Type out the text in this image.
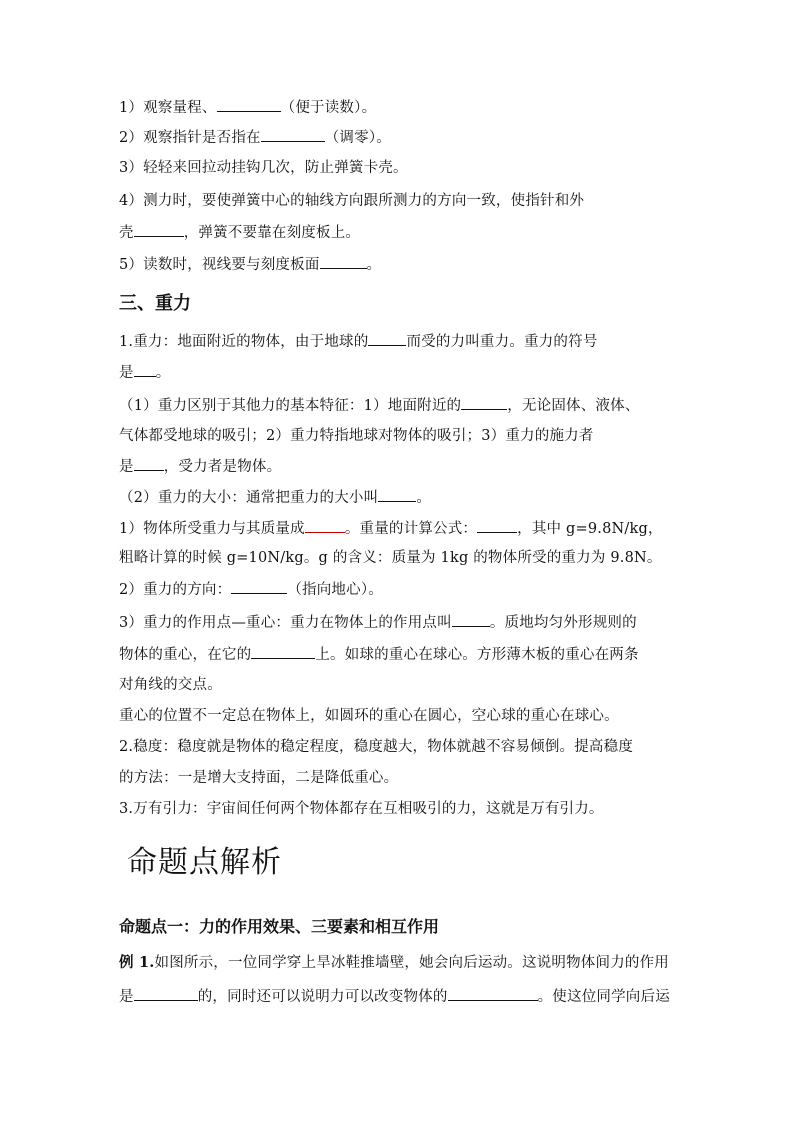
1）观察量程、	（便于读数）。
2）观察指针是否指在	（调零）。
3）轻轻来回拉动挂钩几次，防止弹簧卡壳。
4）测力时，要使弹簧中心的轴线方向跟所测力的方向一致，使指针和外
壳	，弹簧不要靠在刻度板上。
5）读数时，视线要与刻度板面	。
三、重力
1.重力：地面附近的物体，由于地球的	而受的力叫重力。重力的符号
是 。
（1）重力区别于其他力的基本特征：1）地面附近的	，无论固体、液体、
气体都受地球的吸引；2）重力特指地球对物体的吸引；3）重力的施力者
是 ，受力者是物体。
（2）重力的大小：通常把重力的大小叫	。
1）物体所受重力与其质量成	。重量的计算公式：	，其中 g=9.8N/kg，
粗略计算的时候 g=10N/kg。g 的含义：质量为 1kg 的物体所受的重力为 9.8N。
2）重力的方向：	（指向地心）。
3）重力的作用点—重心：重力在物体上的作用点叫	。质地均匀外形规则的
物体的重心，在它的	上。如球的重心在球心。方形薄木板的重心在两条
对角线的交点。
重心的位置不一定总在物体上，如圆环的重心在圆心，空心球的重心在球心。
2.稳度：稳度就是物体的稳定程度，稳度越大，物体就越不容易倾倒。提高稳度
的方法：一是增大支持面，二是降低重心。
3.万有引力：宇宙间任何两个物体都存在互相吸引的力，这就是万有引力。
命题点解析
命题点一：力的作用效果、三要素和相互作用
例 1.如图所示，一位同学穿上旱冰鞋推墙壁，她会向后运动。这说明物体间力的作用
是	的，同时还可以说明力可以改变物体的	。使这位同学向后运
